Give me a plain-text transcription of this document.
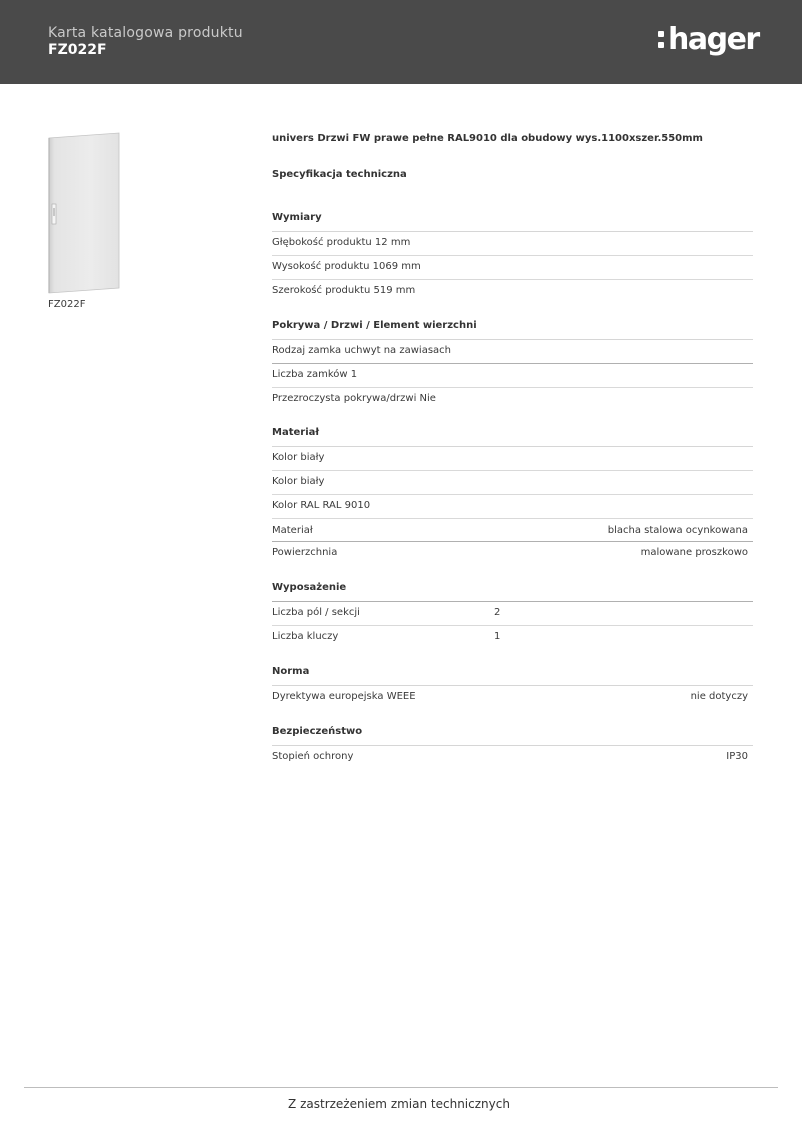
Karta katalogowa produktu
FZ022F	hager
FZ022F
univers Drzwi FW prawe pełne RAL9010 dla obudowy wys.1100xszer.550mm
Specyfikacja techniczna
Wymiary
Głębokość produktu 12 mm
Wysokość produktu 1069 mm
Szerokość produktu 519 mm
Pokrywa / Drzwi / Element wierzchni
Rodzaj zamka uchwyt na zawiasach
Liczba zamków 1
Przezroczysta pokrywa/drzwi Nie
Materiał
Kolor biały
Kolor biały
Kolor RAL RAL 9010
Materiał	blacha stalowa ocynkowana
Powierzchnia	malowane proszkowo
Wyposażenie
Liczba pól / sekcji	2
Liczba kluczy	1
Norma
Dyrektywa europejska WEEE	nie dotyczy
Bezpieczeństwo
Stopień ochrony	IP30
Z zastrzeżeniem zmian technicznych
